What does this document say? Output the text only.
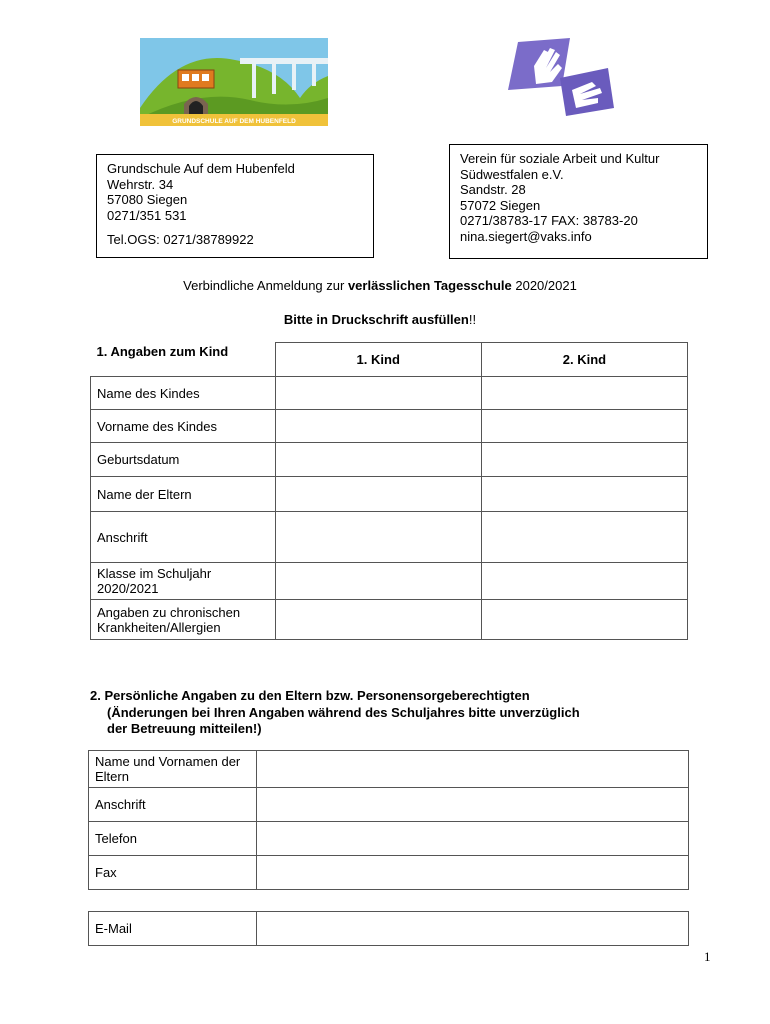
GRUNDSCHULE AUF DEM HUBENFELD
Grundschule Auf dem Hubenfeld
Wehrstr. 34
57080 Siegen
0271/351 531
Tel.OGS: 0271/38789922
Verein für soziale Arbeit und Kultur
Südwestfalen e.V.
Sandstr. 28
57072 Siegen
0271/38783-17 FAX: 38783-20
nina.siegert@vaks.info
Verbindliche Anmeldung zur verlässlichen Tagesschule 2020/2021
Bitte in Druckschrift ausfüllen!!
1. Angaben zum Kind	1. Kind	2. Kind
Name des Kindes		
Vorname des Kindes		
Geburtsdatum		
Name der Eltern		
Anschrift		
Klasse im Schuljahr 2020/2021		
Angaben zu chronischen Krankheiten/Allergien		
2. Persönliche Angaben zu den Eltern bzw. Personensorgeberechtigten
(Änderungen bei Ihren Angaben während des Schuljahres bitte unverzüglich
der Betreuung mitteilen!)
Name und Vornamen der Eltern	
Anschrift	
Telefon	
Fax	
E-Mail	
1
